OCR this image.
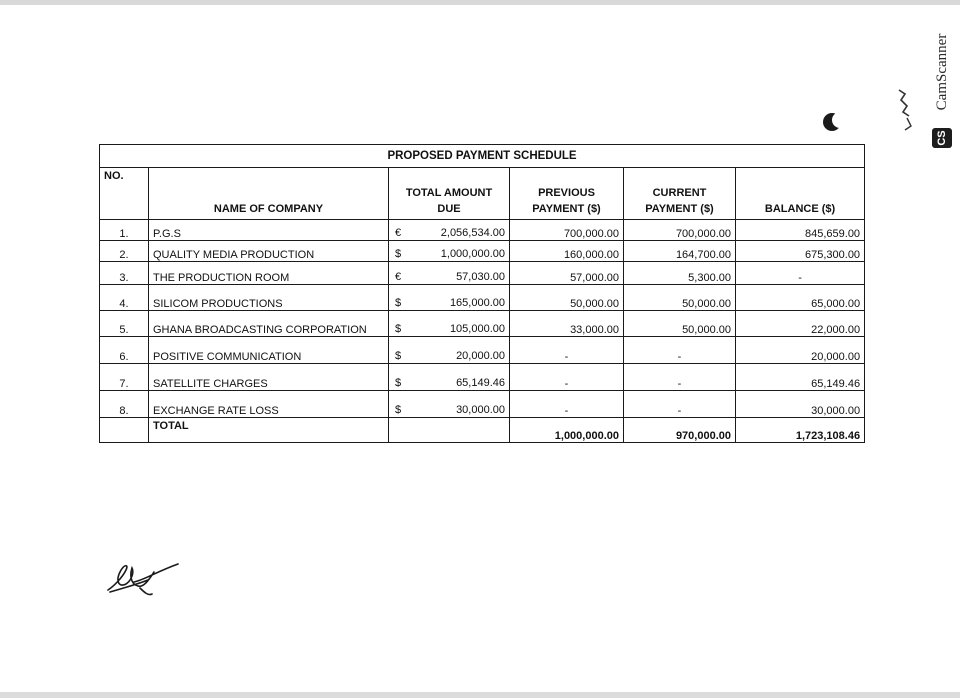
CamScanner
CS
PROPOSED PAYMENT SCHEDULE					
NO.	NAME OF COMPANY	TOTAL AMOUNT DUE	PREVIOUS PAYMENT ($)	CURRENT PAYMENT ($)	BALANCE ($)
1.	P.G.S	€ 2,056,534.00	700,000.00	700,000.00	845,659.00
2.	QUALITY MEDIA PRODUCTION	$ 1,000,000.00	160,000.00	164,700.00	675,300.00
3.	THE PRODUCTION ROOM	€ 57,030.00	57,000.00	5,300.00	-
4.	SILICOM PRODUCTIONS	$ 165,000.00	50,000.00	50,000.00	65,000.00
5.	GHANA BROADCASTING CORPORATION	$ 105,000.00	33,000.00	50,000.00	22,000.00
6.	POSITIVE COMMUNICATION	$ 20,000.00	-	-	20,000.00
7.	SATELLITE CHARGES	$ 65,149.46	-	-	65,149.46
8.	EXCHANGE RATE LOSS	$ 30,000.00	-	-	30,000.00
	TOTAL		1,000,000.00	970,000.00	1,723,108.46
